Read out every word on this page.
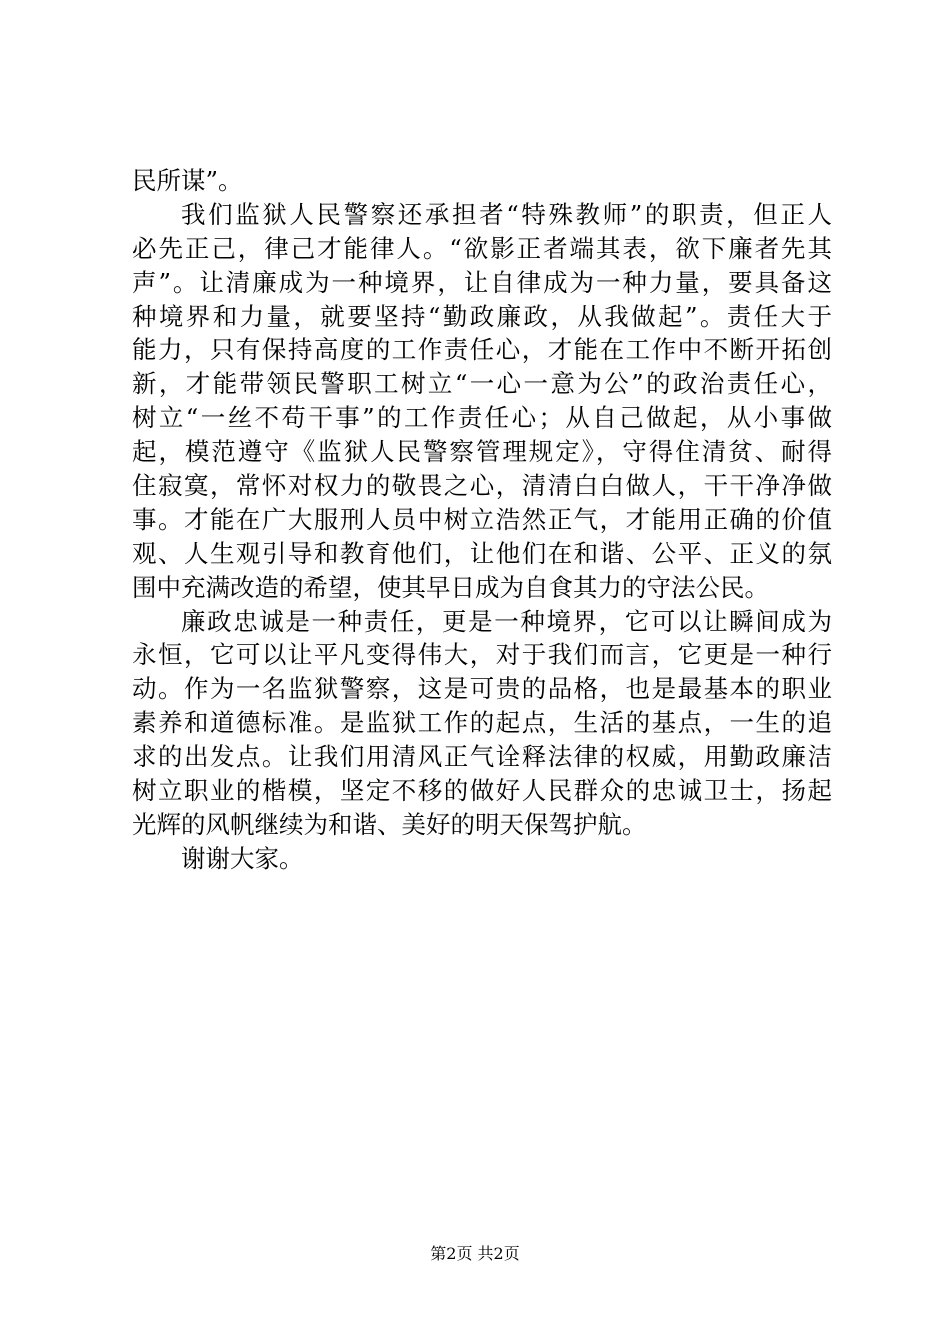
民所谋”。
我们监狱人民警察还承担者“特殊教师”的职责，但正人
必先正己，律己才能律人。“欲影正者端其表，欲下廉者先其
声”。让清廉成为一种境界，让自律成为一种力量，要具备这
种境界和力量，就要坚持“勤政廉政，从我做起”。责任大于
能力，只有保持高度的工作责任心，才能在工作中不断开拓创
新，才能带领民警职工树立“一心一意为公”的政治责任心，
树立“一丝不苟干事”的工作责任心；从自己做起，从小事做
起，模范遵守《监狱人民警察管理规定》，守得住清贫、耐得
住寂寞，常怀对权力的敬畏之心，清清白白做人，干干净净做
事。才能在广大服刑人员中树立浩然正气，才能用正确的价值
观、人生观引导和教育他们，让他们在和谐、公平、正义的氛
围中充满改造的希望，使其早日成为自食其力的守法公民。
廉政忠诚是一种责任，更是一种境界，它可以让瞬间成为
永恒，它可以让平凡变得伟大，对于我们而言，它更是一种行
动。作为一名监狱警察，这是可贵的品格，也是最基本的职业
素养和道德标准。是监狱工作的起点，生活的基点，一生的追
求的出发点。让我们用清风正气诠释法律的权威，用勤政廉洁
树立职业的楷模，坚定不移的做好人民群众的忠诚卫士，扬起
光辉的风帆继续为和谐、美好的明天保驾护航。
谢谢大家。
第2页 共2页
